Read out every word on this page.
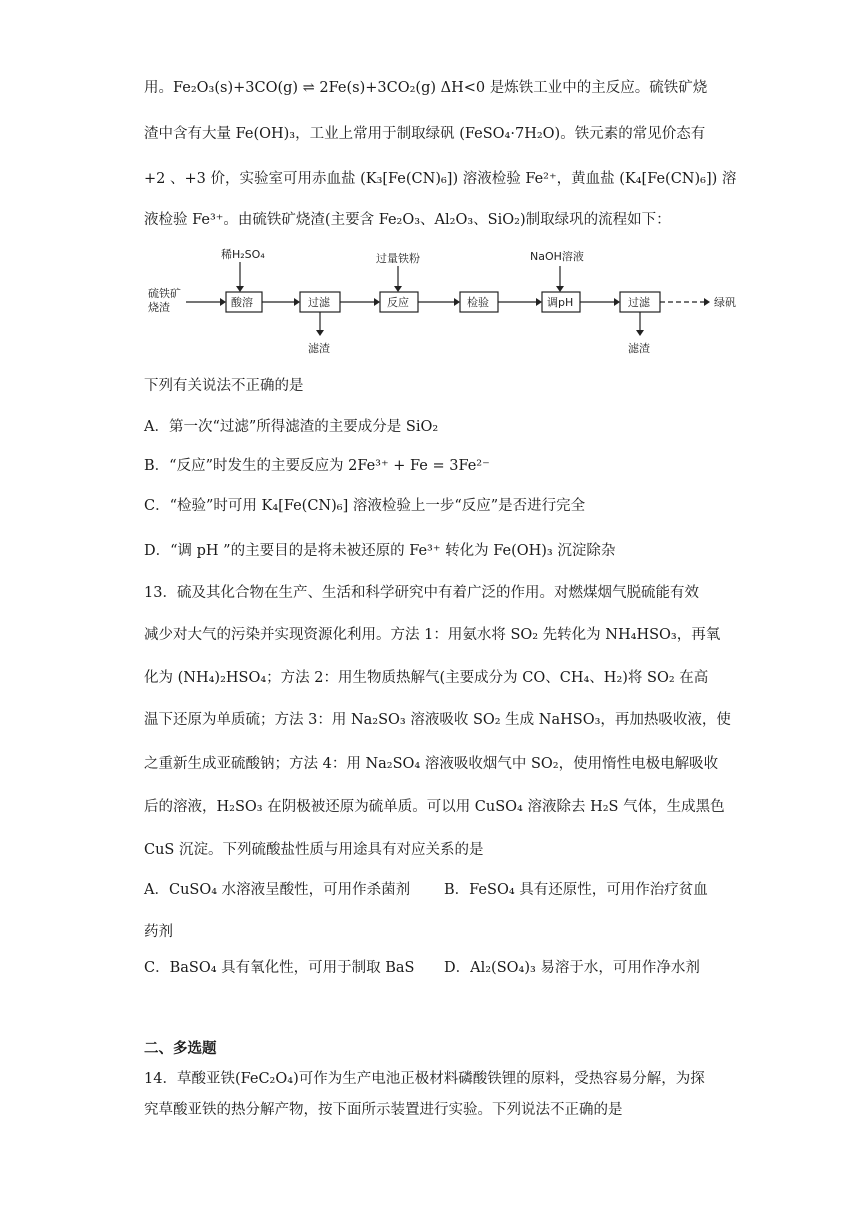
用。Fe₂O₃(s)+3CO(g) ⇌ 2Fe(s)+3CO₂(g) ΔH<0 是炼铁工业中的主反应。硫铁矿烧
渣中含有大量 Fe(OH)₃，工业上常用于制取绿矾 (FeSO₄·7H₂O)。铁元素的常见价态有
+2 、+3 价，实验室可用赤血盐 (K₃[Fe(CN)₆]) 溶液检验 Fe²⁺，黄血盐 (K₄[Fe(CN)₆]) 溶
液检验 Fe³⁺。由硫铁矿烧渣(主要含 Fe₂O₃、Al₂O₃、SiO₂)制取绿巩的流程如下：
硫铁矿
烧渣
稀H₂SO₄
酸溶	过滤
滤渣
过量铁粉
反应	检验
NaOH溶液
调pH	过滤
滤渣
绿矾
下列有关说法不正确的是
A．第一次“过滤”所得滤渣的主要成分是 SiO₂
B．“反应”时发生的主要反应为 2Fe³⁺ + Fe = 3Fe²⁻
C．“检验”时可用 K₄[Fe(CN)₆] 溶液检验上一步“反应”是否进行完全
D．“调 pH ”的主要目的是将未被还原的 Fe³⁺ 转化为 Fe(OH)₃ 沉淀除杂
13．硫及其化合物在生产、生活和科学研究中有着广泛的作用。对燃煤烟气脱硫能有效
减少对大气的污染并实现资源化利用。方法 1：用氨水将 SO₂ 先转化为 NH₄HSO₃，再氧
化为 (NH₄)₂HSO₄；方法 2：用生物质热解气(主要成分为 CO、CH₄、H₂)将 SO₂ 在高
温下还原为单质硫；方法 3：用 Na₂SO₃ 溶液吸收 SO₂ 生成 NaHSO₃，再加热吸收液，使
之重新生成亚硫酸钠；方法 4：用 Na₂SO₄ 溶液吸收烟气中 SO₂，使用惰性电极电解吸收
后的溶液，H₂SO₃ 在阴极被还原为硫单质。可以用 CuSO₄ 溶液除去 H₂S 气体，生成黑色
CuS 沉淀。下列硫酸盐性质与用途具有对应关系的是
A．CuSO₄ 水溶液呈酸性，可用作杀菌剂 B．FeSO₄ 具有还原性，可用作治疗贫血
药剂
C．BaSO₄ 具有氧化性，可用于制取 BaS D．Al₂(SO₄)₃ 易溶于水，可用作净水剂
二、多选题
14．草酸亚铁(FeC₂O₄)可作为生产电池正极材料磷酸铁锂的原料，受热容易分解，为探
究草酸亚铁的热分解产物，按下面所示装置进行实验。下列说法不正确的是
